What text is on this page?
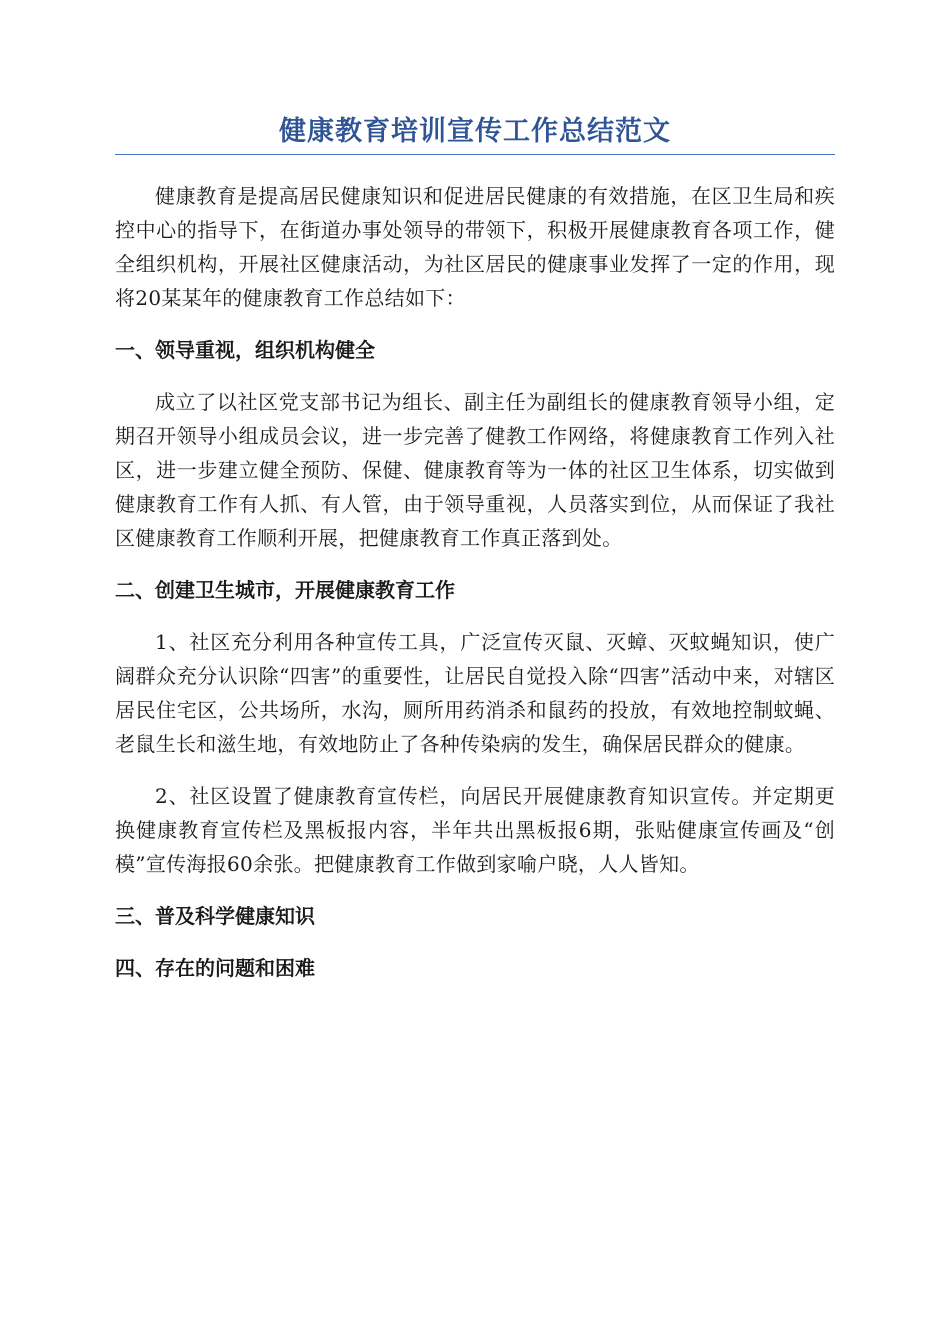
健康教育培训宣传工作总结范文

健康教育是提高居民健康知识和促进居民健康的有效措施，在区卫生局和疾控中心的指导下，在街道办事处领导的带领下，积极开展健康教育各项工作，健全组织机构，开展社区健康活动，为社区居民的健康事业发挥了一定的作用，现将20某某年的健康教育工作总结如下：

一、领导重视，组织机构健全

成立了以社区党支部书记为组长、副主任为副组长的健康教育领导小组，定期召开领导小组成员会议，进一步完善了健教工作网络，将健康教育工作列入社区，进一步建立健全预防、保健、健康教育等为一体的社区卫生体系，切实做到健康教育工作有人抓、有人管，由于领导重视，人员落实到位，从而保证了我社区健康教育工作顺利开展，把健康教育工作真正落到处。

二、创建卫生城市，开展健康教育工作

1、社区充分利用各种宣传工具，广泛宣传灭鼠、灭蟑、灭蚊蝇知识，使广阔群众充分认识除“四害”的重要性，让居民自觉投入除“四害”活动中来，对辖区居民住宅区，公共场所，水沟，厕所用药消杀和鼠药的投放，有效地控制蚊蝇、老鼠生长和滋生地，有效地防止了各种传染病的发生，确保居民群众的健康。

2、社区设置了健康教育宣传栏，向居民开展健康教育知识宣传。并定期更换健康教育宣传栏及黑板报内容，半年共出黑板报6期，张贴健康宣传画及“创模”宣传海报60余张。把健康教育工作做到家喻户晓，人人皆知。

三、普及科学健康知识
四、存在的问题和困难
